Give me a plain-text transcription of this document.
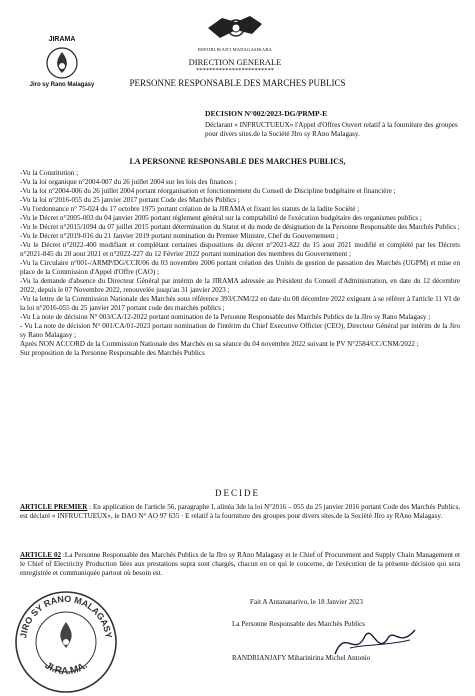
JIRAMA
Jiro sy Rano Malagasy
REPOBLIKAN'I MADAGASIKARA
DIRECTION GENERALE
************************
PERSONNE RESPONSABLE DES MARCHES PUBLICS
DECISION N°002/2023-DG/PRMP-E
Déclarant « INFRUCTUEUX» l'Appel d'Offres Ouvert relatif à la fourniture des groupes pour divers sites.de la Société JIro sy RAno Malagasy.
LA PERSONNE RESPONSABLE DES MARCHES PUBLICS,

-Vu la Constitution ;

-Vu la loi organique n°2004-007 du 26 juillet 2004 sur les lois des finances ;

-Vu la loi n°2004-006 du 26 juillet 2004 portant réorganisation et fonctionnement du Conseil de Discipline budgétaire et financière ;

-Vu la loi n°2016-055 du 25 janvier 2017 portant Code des Marchés Publics ;

-Vu l'ordonnance n° 75-024 du 17 octobre 1975 portant création de la JIRAMA et fixant les statuts de la ladite Société ;

-Vu le Décret n°2005-003 du 04 janvier 2005 portant règlement général sur la comptabilité de l'exécution budgétaire des organismes publics ;

-Vu le Décret n°2015/1094 du 07 juillet 2015 portant détermination du Statut et du mode de désignation de la Personne Responsable des Marchés Publics ;

-Vu le Décret n°2019-016 du 21 Janvier 2019 portant nomination du Premier Ministre, Chef du Gouvernement ;

-Vu le Décret n°2022-400 modifiant et complétant certaines dispositions du décret n°2021-822 du 15 aout 2021 modifié et complété par les Décrets n°2021-845 du 20 aout 2021 et n°2022-227 du 12 Février 2022 portant nomination des membres du Gouvernement ;

-Vu la Circulaire n°001-/ARMP/DG/CCR/06 du 03 novembre 2006 portant création des Unités de gestion de passation des Marchés (UGPM) et mise en place de la Commission d'Appel d'Offre (CAO) ;

-Vu la demande d'absence du Directeur Général par intérim de la JIRAMA adressée au Président du Conseil d'Administration, en date du 12 décembre 2022, depuis le 07 Novembre 2022, renouvelée jusqu'au 31 janvier 2023 ;

-Vu la lettre de la Commission Nationale des Marchés sous référence 393/CNM/22 en date du 08 décembre 2022 exigeant à se référer à l'article 11 VI de la loi n°2016-055 du 25 janvier 2017 portant code des marchés publics ;

-Vu La note de décision N° 003/CA/12-2022 portant nomination de la Personne Responsable des Marchés Publics de la JIro sy Rano Malagasy ;

- Vu La note de décision N° 001/CA/01-2023 portant nomination de l'intérim du Chief Executive Officier (CEO), Directeur Général par intérim de la Jiro sy Rano Malagasy ;

Après NON ACCORD de la Commission Nationale des Marchés en sa séance du 04 novembre 2022 suivant le PV N°2584/CC/CNM/2022 ;

Sur proposition de la Personne Responsable des Marchés Publics

DECIDE
ARTICLE PREMIER : En application de l'article 56, paragraphe I, alinéa 3de la loi N°2016 – 055 du 25 janvier 2016 portant Code des Marchés Publics, est déclaré « INFRUCTUEUX», le DAO N° AO 97 635 · E relatif à la fourniture des groupes pour divers sites.de la Société JIro sy RAno Malagasy.
ARTICLE 02 :La Personne Responsable des Marchés Publics de la JIro sy RAno Malagasy et le Chief of Procurement and Supply Chain Management et le Chief of Electricity Production liées aux prestations supra sont chargés, chacun en ce qui le concerne, de l'exécution de la présente décision qui sera enregistrée et communiquée partout où besoin est.
Fait A Antananarivo, le 18 Janvier 2023
La Personne Responsable des Marchés Publics
RANDRIANJAFY Miharinirina Michel Antonio
JIRO SY RANO MALAGASY
JI.RA.MA.
